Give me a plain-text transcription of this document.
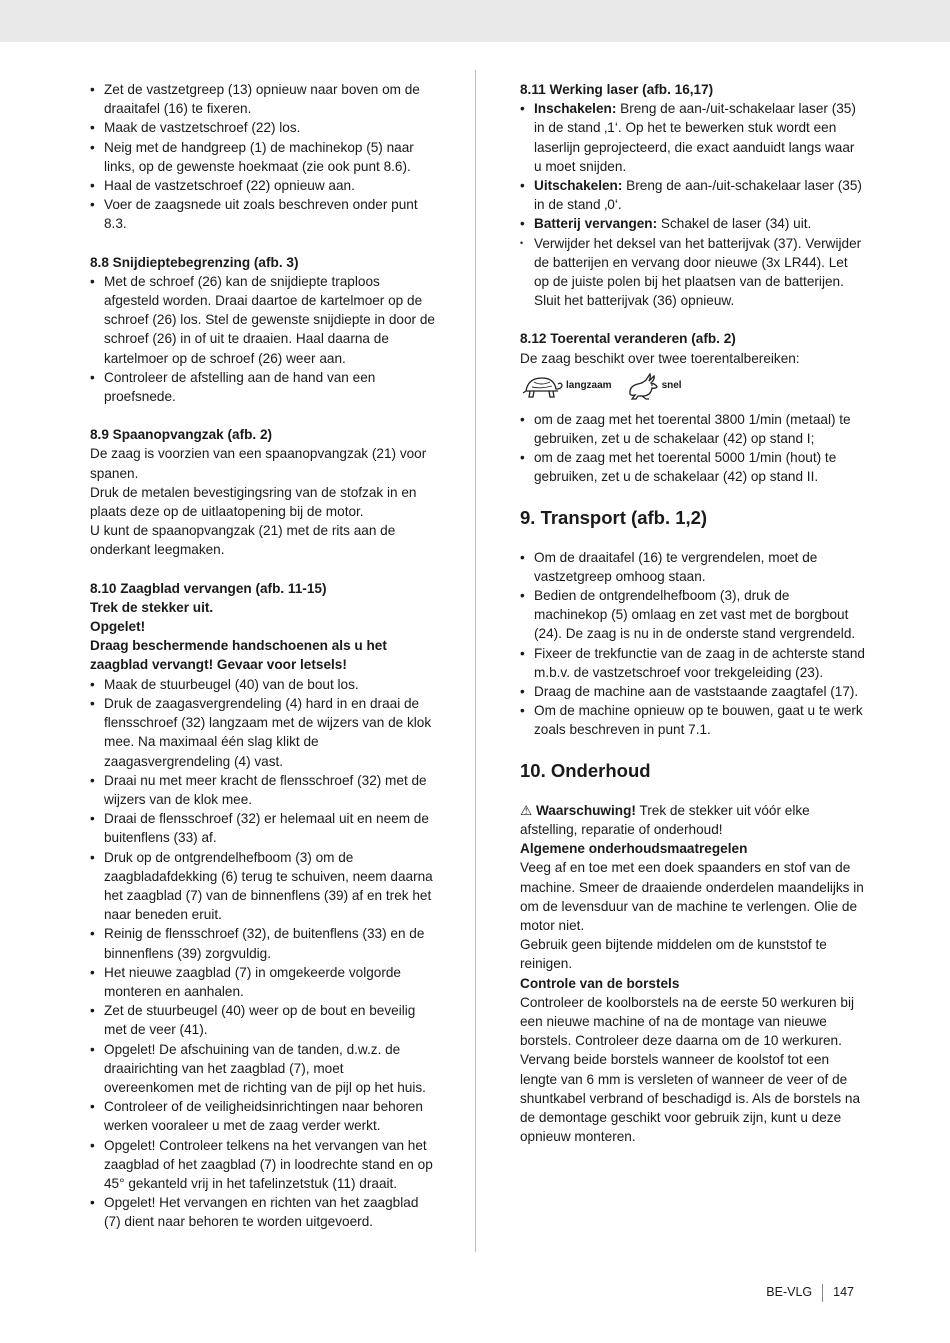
• Zet de vastzetgreep (13) opnieuw naar boven om de draaitafel (16) te fixeren.
• Maak de vastzetschroef (22) los.
• Neig met de handgreep (1) de machinekop (5) naar links, op de gewenste hoekmaat (zie ook punt 8.6).
• Haal de vastzetschroef (22) opnieuw aan.
• Voer de zaagsnede uit zoals beschreven onder punt 8.3.

8.8 Snijdieptebegrenzing (afb. 3)

• Met de schroef (26) kan de snijdiepte traploos afgesteld worden. Draai daartoe de kartelmoer op de schroef (26) los. Stel de gewenste snijdiepte in door de schroef (26) in of uit te draaien. Haal daarna de kartelmoer op de schroef (26) weer aan.
• Controleer de afstelling aan de hand van een proefsnede.

8.9 Spaanopvangzak (afb. 2)

De zaag is voorzien van een spaanopvangzak (21) voor spanen.

Druk de metalen bevestigingsring van de stofzak in en plaats deze op de uitlaatopening bij de motor.

U kunt de spaanopvangzak (21) met de rits aan de onderkant leegmaken.

8.10 Zaagblad vervangen (afb. 11-15)

Trek de stekker uit.

Opgelet!

Draag beschermende handschoenen als u het zaagblad vervangt! Gevaar voor letsels!

• Maak de stuurbeugel (40) van de bout los.
• Druk de zaagasvergrendeling (4) hard in en draai de flensschroef (32) langzaam met de wijzers van de klok mee. Na maximaal één slag klikt de zaagasvergrendeling (4) vast.
• Draai nu met meer kracht de flensschroef (32) met de wijzers van de klok mee.
• Draai de flensschroef (32) er helemaal uit en neem de buitenflens (33) af.
• Druk op de ontgrendelhefboom (3) om de zaagbladafdekking (6) terug te schuiven, neem daarna het zaagblad (7) van de binnenflens (39) af en trek het naar beneden eruit.
• Reinig de flensschroef (32), de buitenflens (33) en de binnenflens (39) zorgvuldig.
• Het nieuwe zaagblad (7) in omgekeerde volgorde monteren en aanhalen.
• Zet de stuurbeugel (40) weer op de bout en beveilig met de veer (41).
• Opgelet! De afschuining van de tanden, d.w.z. de draairichting van het zaagblad (7), moet overeenkomen met de richting van de pijl op het huis.
• Controleer of de veiligheidsinrichtingen naar behoren werken vooraleer u met de zaag verder werkt.
• Opgelet! Controleer telkens na het vervangen van het zaagblad of het zaagblad (7) in loodrechte stand en op 45° gekanteld vrij in het tafelinzetstuk (11) draait.
• Opgelet! Het vervangen en richten van het zaagblad (7) dient naar behoren te worden uitgevoerd.

8.11 Werking laser (afb. 16,17)

• Inschakelen: Breng de aan-/uit-schakelaar laser (35) in de stand ‚1‘. Op het te bewerken stuk wordt een laserlijn geprojecteerd, die exact aanduidt langs waar u moet snijden.
• Uitschakelen: Breng de aan-/uit-schakelaar laser (35) in de stand ‚0‘.
• Batterij vervangen: Schakel de laser (34) uit.
• Verwijder het deksel van het batterijvak (37). Verwijder de batterijen en vervang door nieuwe (3x LR44). Let op de juiste polen bij het plaatsen van de batterijen. Sluit het batterijvak (36) opnieuw.

8.12 Toerental veranderen (afb. 2)

De zaag beschikt over twee toerentalbereiken:

langzaam	snel
• om de zaag met het toerental 3800 1/min (metaal) te gebruiken, zet u de schakelaar (42) op stand I;
• om de zaag met het toerental 5000 1/min (hout) te gebruiken, zet u de schakelaar (42) op stand II.
9. Transport (afb. 1,2)
• Om de draaitafel (16) te vergrendelen, moet de vastzetgreep omhoog staan.
• Bedien de ontgrendelhefboom (3), druk de machinekop (5) omlaag en zet vast met de borgbout (24). De zaag is nu in de onderste stand vergrendeld.
• Fixeer de trekfunctie van de zaag in de achterste stand m.b.v. de vastzetschroef voor trekgeleiding (23).
• Draag de machine aan de vaststaande zaagtafel (17).
• Om de machine opnieuw op te bouwen, gaat u te werk zoals beschreven in punt 7.1.
10. Onderhoud

⚠ Waarschuwing! Trek de stekker uit vóór elke afstelling, reparatie of onderhoud!

Algemene onderhoudsmaatregelen

Veeg af en toe met een doek spaanders en stof van de machine. Smeer de draaiende onderdelen maandelijks in om de levensduur van de machine te verlengen. Olie de motor niet.

Gebruik geen bijtende middelen om de kunststof te reinigen.

Controle van de borstels

Controleer de koolborstels na de eerste 50 werkuren bij een nieuwe machine of na de montage van nieuwe borstels. Controleer deze daarna om de 10 werkuren.

Vervang beide borstels wanneer de koolstof tot een lengte van 6 mm is versleten of wanneer de veer of de shuntkabel verbrand of beschadigd is. Als de borstels na de demontage geschikt voor gebruik zijn, kunt u deze opnieuw monteren.

BE-VLG 147
